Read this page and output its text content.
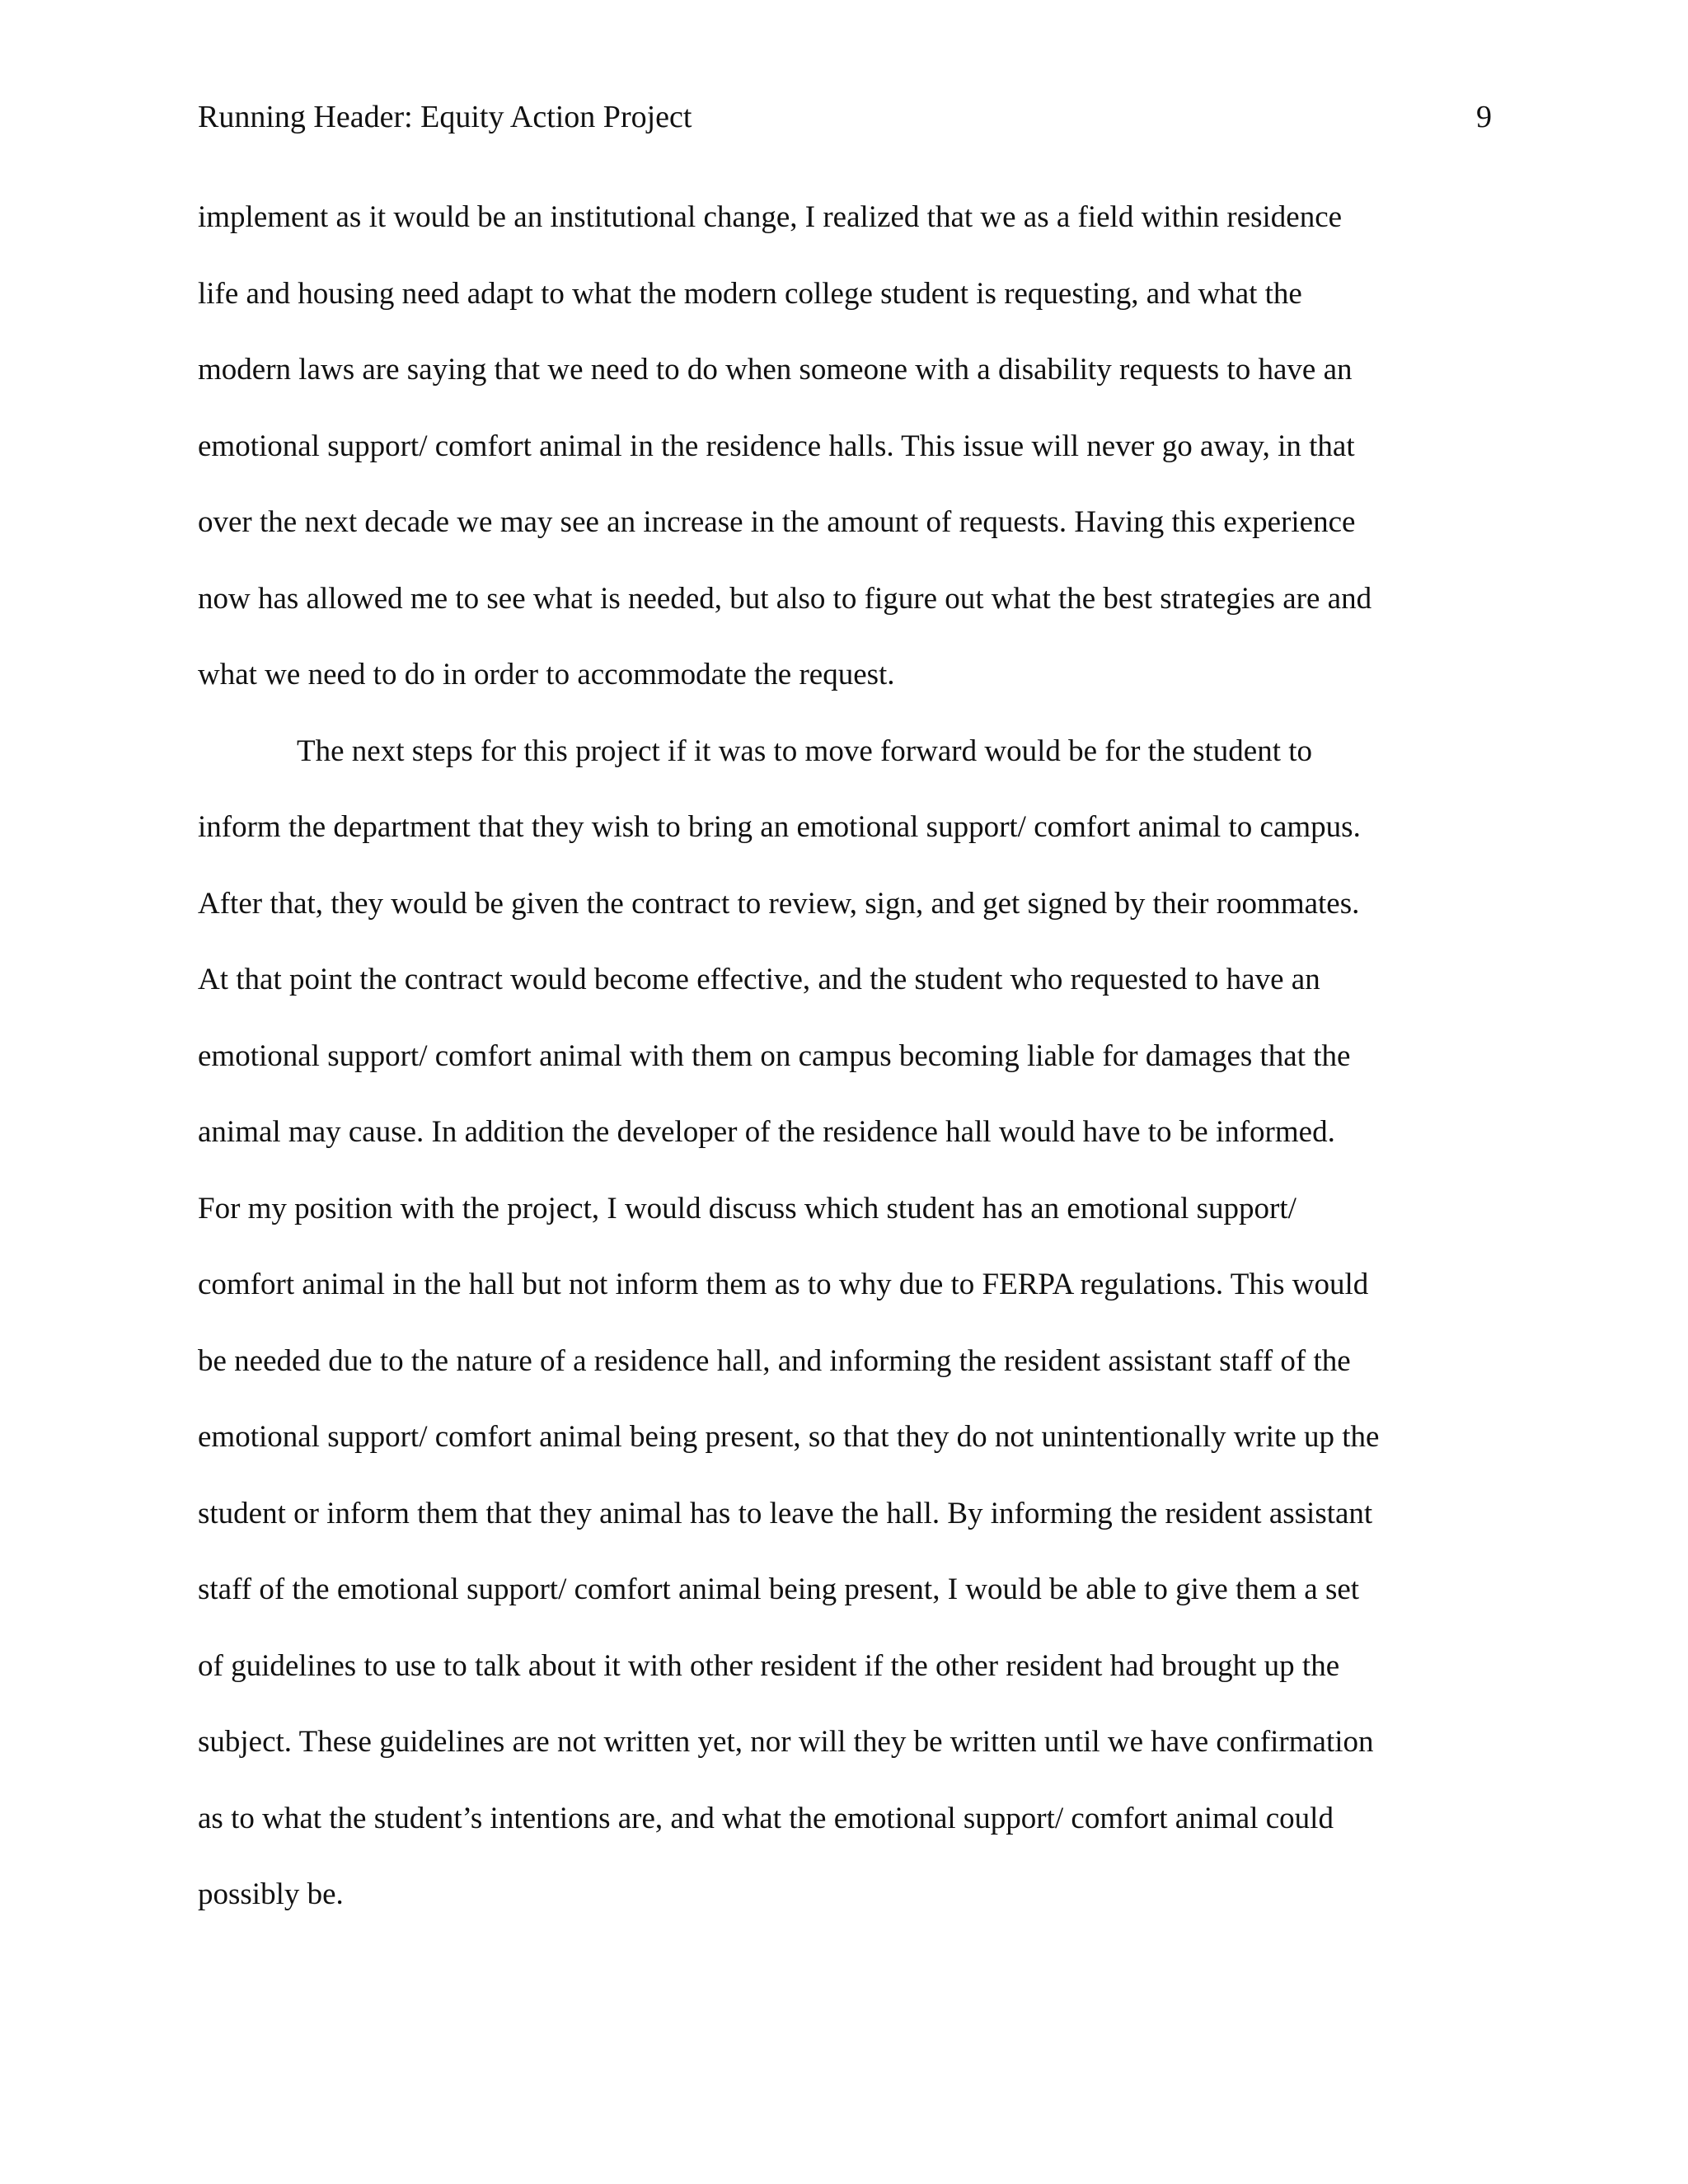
Running Header: Equity Action Project	9
implement as it would be an institutional change, I realized that we as a field within residence
life and housing need adapt to what the modern college student is requesting, and what the
modern laws are saying that we need to do when someone with a disability requests to have an
emotional support/ comfort animal in the residence halls. This issue will never go away, in that
over the next decade we may see an increase in the amount of requests. Having this experience
now has allowed me to see what is needed, but also to figure out what the best strategies are and
what we need to do in order to accommodate the request.
The next steps for this project if it was to move forward would be for the student to
inform the department that they wish to bring an emotional support/ comfort animal to campus.
After that, they would be given the contract to review, sign, and get signed by their roommates.
At that point the contract would become effective, and the student who requested to have an
emotional support/ comfort animal with them on campus becoming liable for damages that the
animal may cause. In addition the developer of the residence hall would have to be informed.
For my position with the project, I would discuss which student has an emotional support/
comfort animal in the hall but not inform them as to why due to FERPA regulations. This would
be needed due to the nature of a residence hall, and informing the resident assistant staff of the
emotional support/ comfort animal being present, so that they do not unintentionally write up the
student or inform them that they animal has to leave the hall. By informing the resident assistant
staff of the emotional support/ comfort animal being present, I would be able to give them a set
of guidelines to use to talk about it with other resident if the other resident had brought up the
subject. These guidelines are not written yet, nor will they be written until we have confirmation
as to what the student’s intentions are, and what the emotional support/ comfort animal could
possibly be.
